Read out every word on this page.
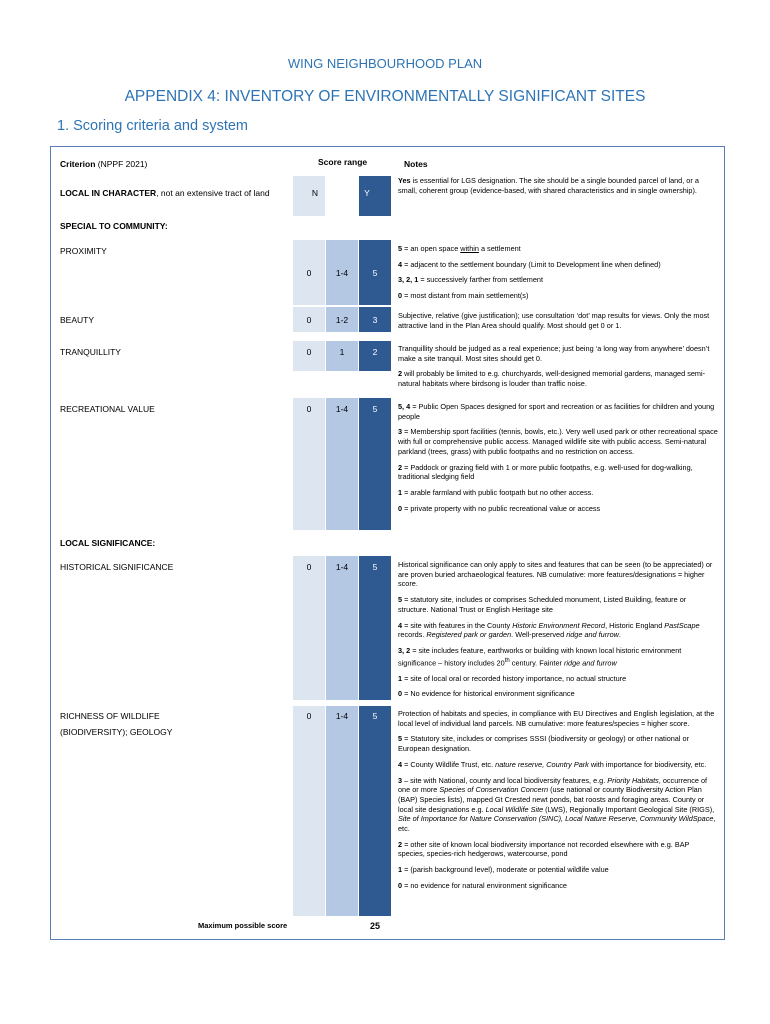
WING NEIGHBOURHOOD PLAN
APPENDIX 4: INVENTORY OF ENVIRONMENTALLY SIGNIFICANT SITES
1. Scoring criteria and system
Criterion (NPPF 2021)	Score range	Notes
LOCAL IN CHARACTER, not an extensive tract of land	N	Y

Yes is essential for LGS designation. The site should be a single bounded parcel of land, or a small, coherent group (evidence-based, with shared characteristics and in single ownership).

SPECIAL TO COMMUNITY:
PROXIMITY
0	1-4	5

5 = an open space within a settlement

4 = adjacent to the settlement boundary (Limit to Development line when defined)

3, 2, 1 = successively farther from settlement

0 = most distant from main settlement(s)

BEAUTY	0	1-2	3	Subjective, relative (give justification); use consultation ‘dot’ map results for views. Only the most attractive land in the Plan Area should qualify. Most should get 0 or 1.

TRANQUILLITY	0	1	2	Tranquillity should be judged as a real experience; just being ‘a long way from anywhere’ doesn’t make a site tranquil. Most sites should get 0.

2 will probably be limited to e.g. churchyards, well-designed memorial gardens, managed semi-natural habitats where birdsong is louder than traffic noise.

RECREATIONAL VALUE	0	1-4	5	5, 4 = Public Open Spaces designed for sport and recreation or as facilities for children and young people

3 = Membership sport facilities (tennis, bowls, etc.). Very well used park or other recreational space with full or comprehensive public access. Managed wildlife site with public access. Semi-natural parkland (trees, grass) with public footpaths and no restriction on access.

2 = Paddock or grazing field with 1 or more public footpaths, e.g. well-used for dog-walking, traditional sledging field

1 = arable farmland with public footpath but no other access.

0 = private property with no public recreational value or access

LOCAL SIGNIFICANCE:
HISTORICAL SIGNIFICANCE	0	1-4	5	Historical significance can only apply to sites and features that can be seen (to be appreciated) or are proven buried archaeological features. NB cumulative: more features/designations = higher score.

5 = statutory site, includes or comprises Scheduled monument, Listed Building, feature or structure. National Trust or English Heritage site

4 = site with features in the County Historic Environment Record, Historic England PastScape records. Registered park or garden. Well-preserved ridge and furrow.

3, 2 = site includes feature, earthworks or building with known local historic environment significance – history includes 20th century. Fainter ridge and furrow

1 = site of local oral or recorded history importance, no actual structure

0 = No evidence for historical environment significance

RICHNESS OF WILDLIFE
(BIODIVERSITY); GEOLOGY
0	1-4	5	Protection of habitats and species, in compliance with EU Directives and English legislation, at the local level of individual land parcels. NB cumulative: more features/species = higher score.

5 = Statutory site, includes or comprises SSSI (biodiversity or geology) or other national or European designation.

4 = County Wildlife Trust, etc. nature reserve, Country Park with importance for biodiversity, etc.

3 – site with National, county and local biodiversity features, e.g. Priority Habitats, occurrence of one or more Species of Conservation Concern (use national or county Biodiversity Action Plan (BAP) Species lists), mapped Gt Crested newt ponds, bat roosts and foraging areas. County or local site designations e.g. Local Wildlife Site (LWS), Regionally Important Geological Site (RIGS), Site of Importance for Nature Conservation (SINC), Local Nature Reserve, Community WildSpace, etc.

2 = other site of known local biodiversity importance not recorded elsewhere with e.g. BAP species, species-rich hedgerows, watercourse, pond

1 = (parish background level), moderate or potential wildlife value

0 = no evidence for natural environment significance

Maximum possible score	25
